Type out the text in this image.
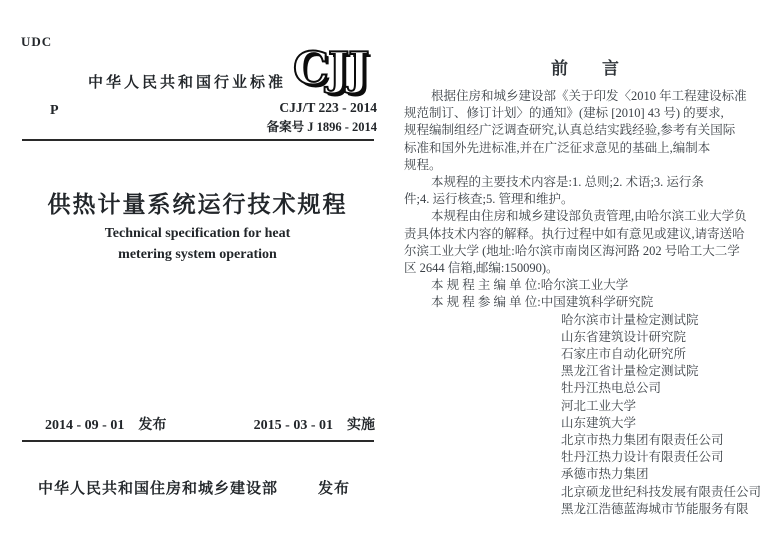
UDC
中华人民共和国行业标准 CJJ
CJJ/T 223 - 2014
备案号 J 1896 - 2014
P
供热计量系统运行技术规程
Technical specification for heat
metering system operation
2014 - 09 - 01 发布	2015 - 03 - 01 实施
中华人民共和国住房和城乡建设部	发布
前　　言
根据住房和城乡建设部《关于印发〈2010 年工程建设标准
规范制订、修订计划〉的通知》(建标 [2010] 43 号) 的要求,
规程编制组经广泛调查研究,认真总结实践经验,参考有关国际
标准和国外先进标准,并在广泛征求意见的基础上,编制本
规程。
本规程的主要技术内容是:1. 总则;2. 术语;3. 运行条
件;4. 运行核查;5. 管理和维护。
本规程由住房和城乡建设部负责管理,由哈尔滨工业大学负
责具体技术内容的解释。执行过程中如有意见或建议,请寄送哈
尔滨工业大学 (地址:哈尔滨市南岗区海河路 202 号哈工大二学
区 2644 信箱,邮编:150090)。
本 规 程 主 编 单 位:哈尔滨工业大学
本 规 程 参 编 单 位:中国建筑科学研究院
哈尔滨市计量检定测试院
山东省建筑设计研究院
石家庄市自动化研究所
黑龙江省计量检定测试院
牡丹江热电总公司
河北工业大学
山东建筑大学
北京市热力集团有限责任公司
牡丹江热力设计有限责任公司
承德市热力集团
北京硕龙世纪科技发展有限责任公司
黑龙江浩德蓝海城市节能服务有限
